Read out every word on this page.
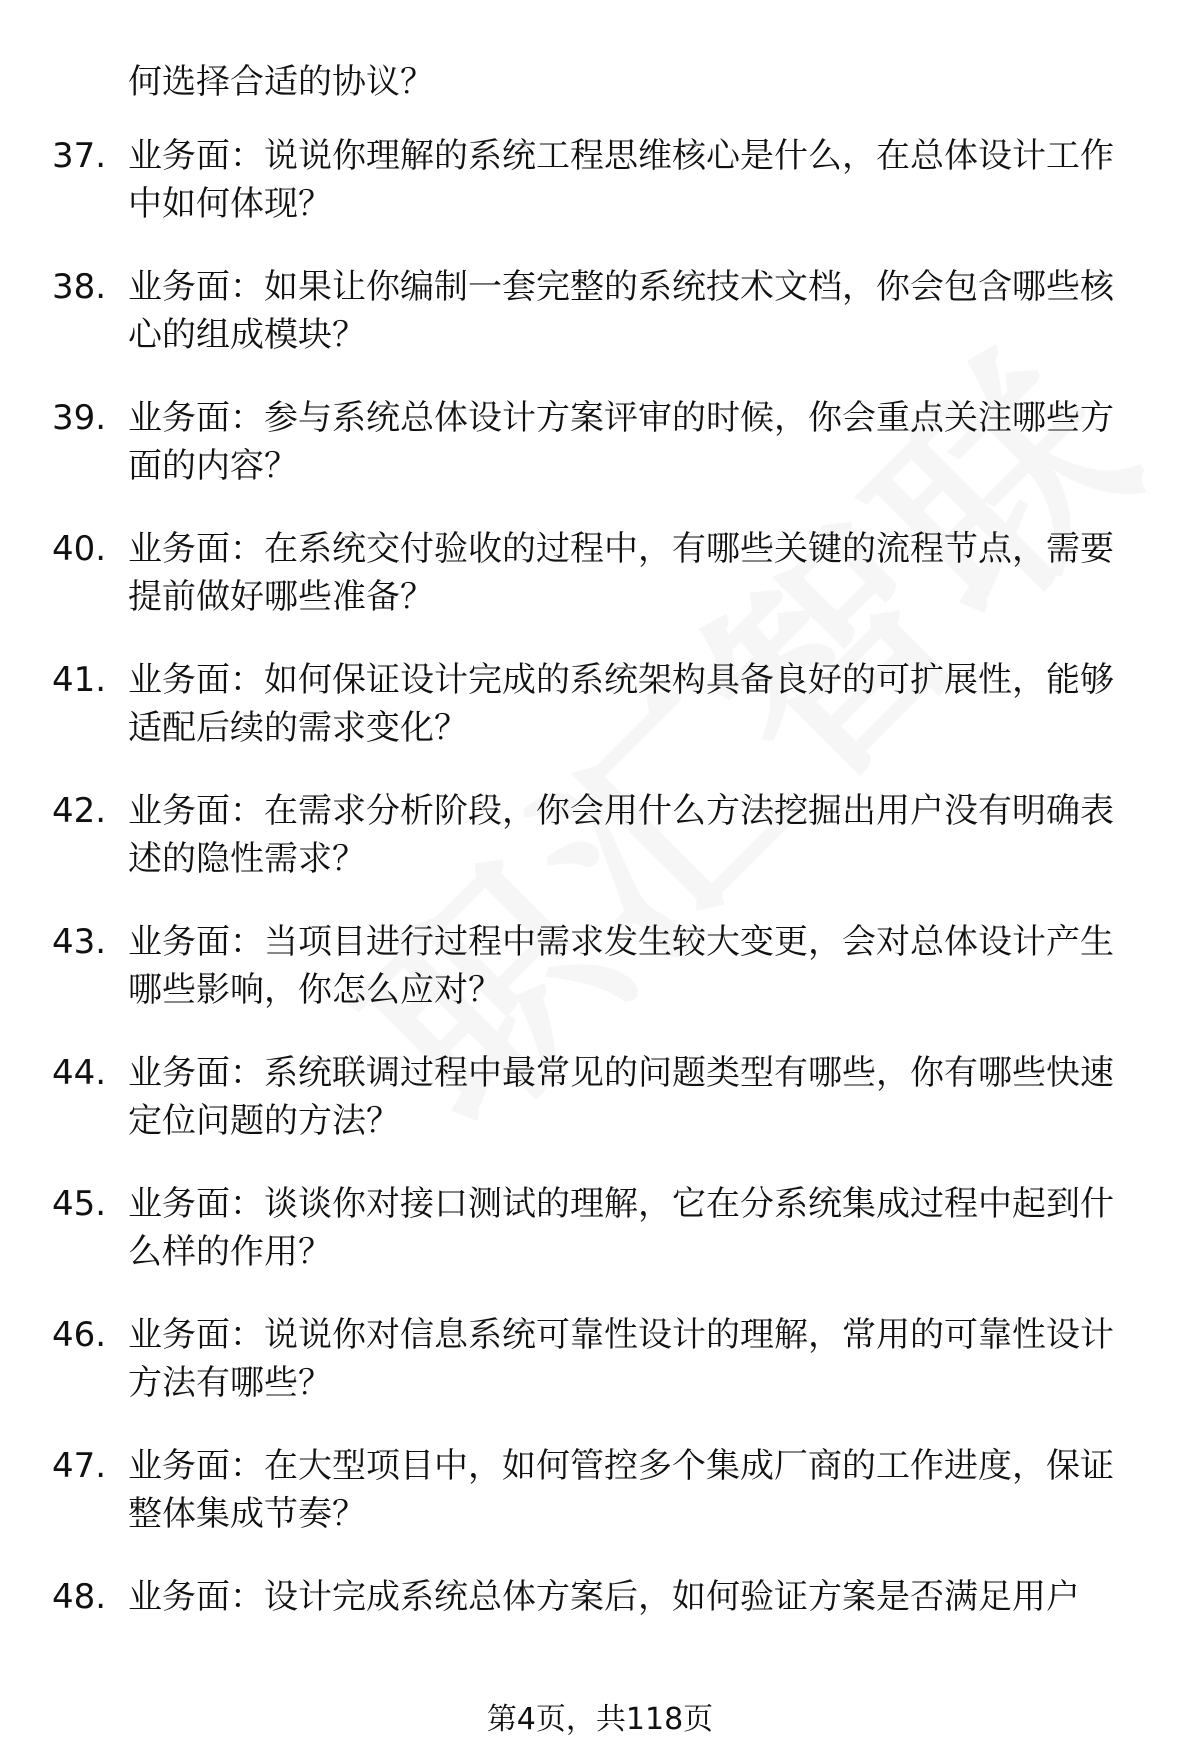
何选择合适的协议？
37. 业务面：说说你理解的系统工程思维核心是什么，在总体设计工作中如何体现？
38. 业务面：如果让你编制一套完整的系统技术文档，你会包含哪些核心的组成模块？
39. 业务面：参与系统总体设计方案评审的时候，你会重点关注哪些方面的内容？
40. 业务面：在系统交付验收的过程中，有哪些关键的流程节点，需要提前做好哪些准备？
41. 业务面：如何保证设计完成的系统架构具备良好的可扩展性，能够适配后续的需求变化？
42. 业务面：在需求分析阶段，你会用什么方法挖掘出用户没有明确表述的隐性需求？
43. 业务面：当项目进行过程中需求发生较大变更，会对总体设计产生哪些影响，你怎么应对？
44. 业务面：系统联调过程中最常见的问题类型有哪些，你有哪些快速定位问题的方法？
45. 业务面：谈谈你对接口测试的理解，它在分系统集成过程中起到什么样的作用？
46. 业务面：说说你对信息系统可靠性设计的理解，常用的可靠性设计方法有哪些？
47. 业务面：在大型项目中，如何管控多个集成厂商的工作进度，保证整体集成节奏？
48. 业务面：设计完成系统总体方案后，如何验证方案是否满足用户
第4页，共118页
